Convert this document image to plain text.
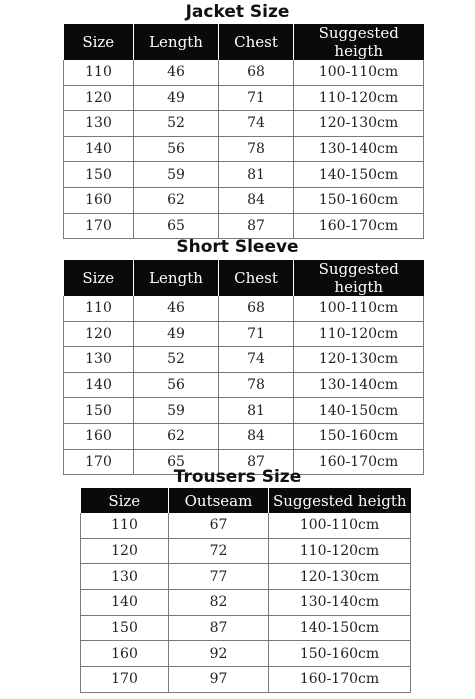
Jacket Size
Size	Length	Chest	Suggested heigth
110	46	68	100-110cm
120	49	71	110-120cm
130	52	74	120-130cm
140	56	78	130-140cm
150	59	81	140-150cm
160	62	84	150-160cm
170	65	87	160-170cm
Short Sleeve
Size	Length	Chest	Suggested heigth
110	46	68	100-110cm
120	49	71	110-120cm
130	52	74	120-130cm
140	56	78	130-140cm
150	59	81	140-150cm
160	62	84	150-160cm
170	65	87	160-170cm
Trousers Size
Size	Outseam	Suggested heigth
110	67	100-110cm
120	72	110-120cm
130	77	120-130cm
140	82	130-140cm
150	87	140-150cm
160	92	150-160cm
170	97	160-170cm
